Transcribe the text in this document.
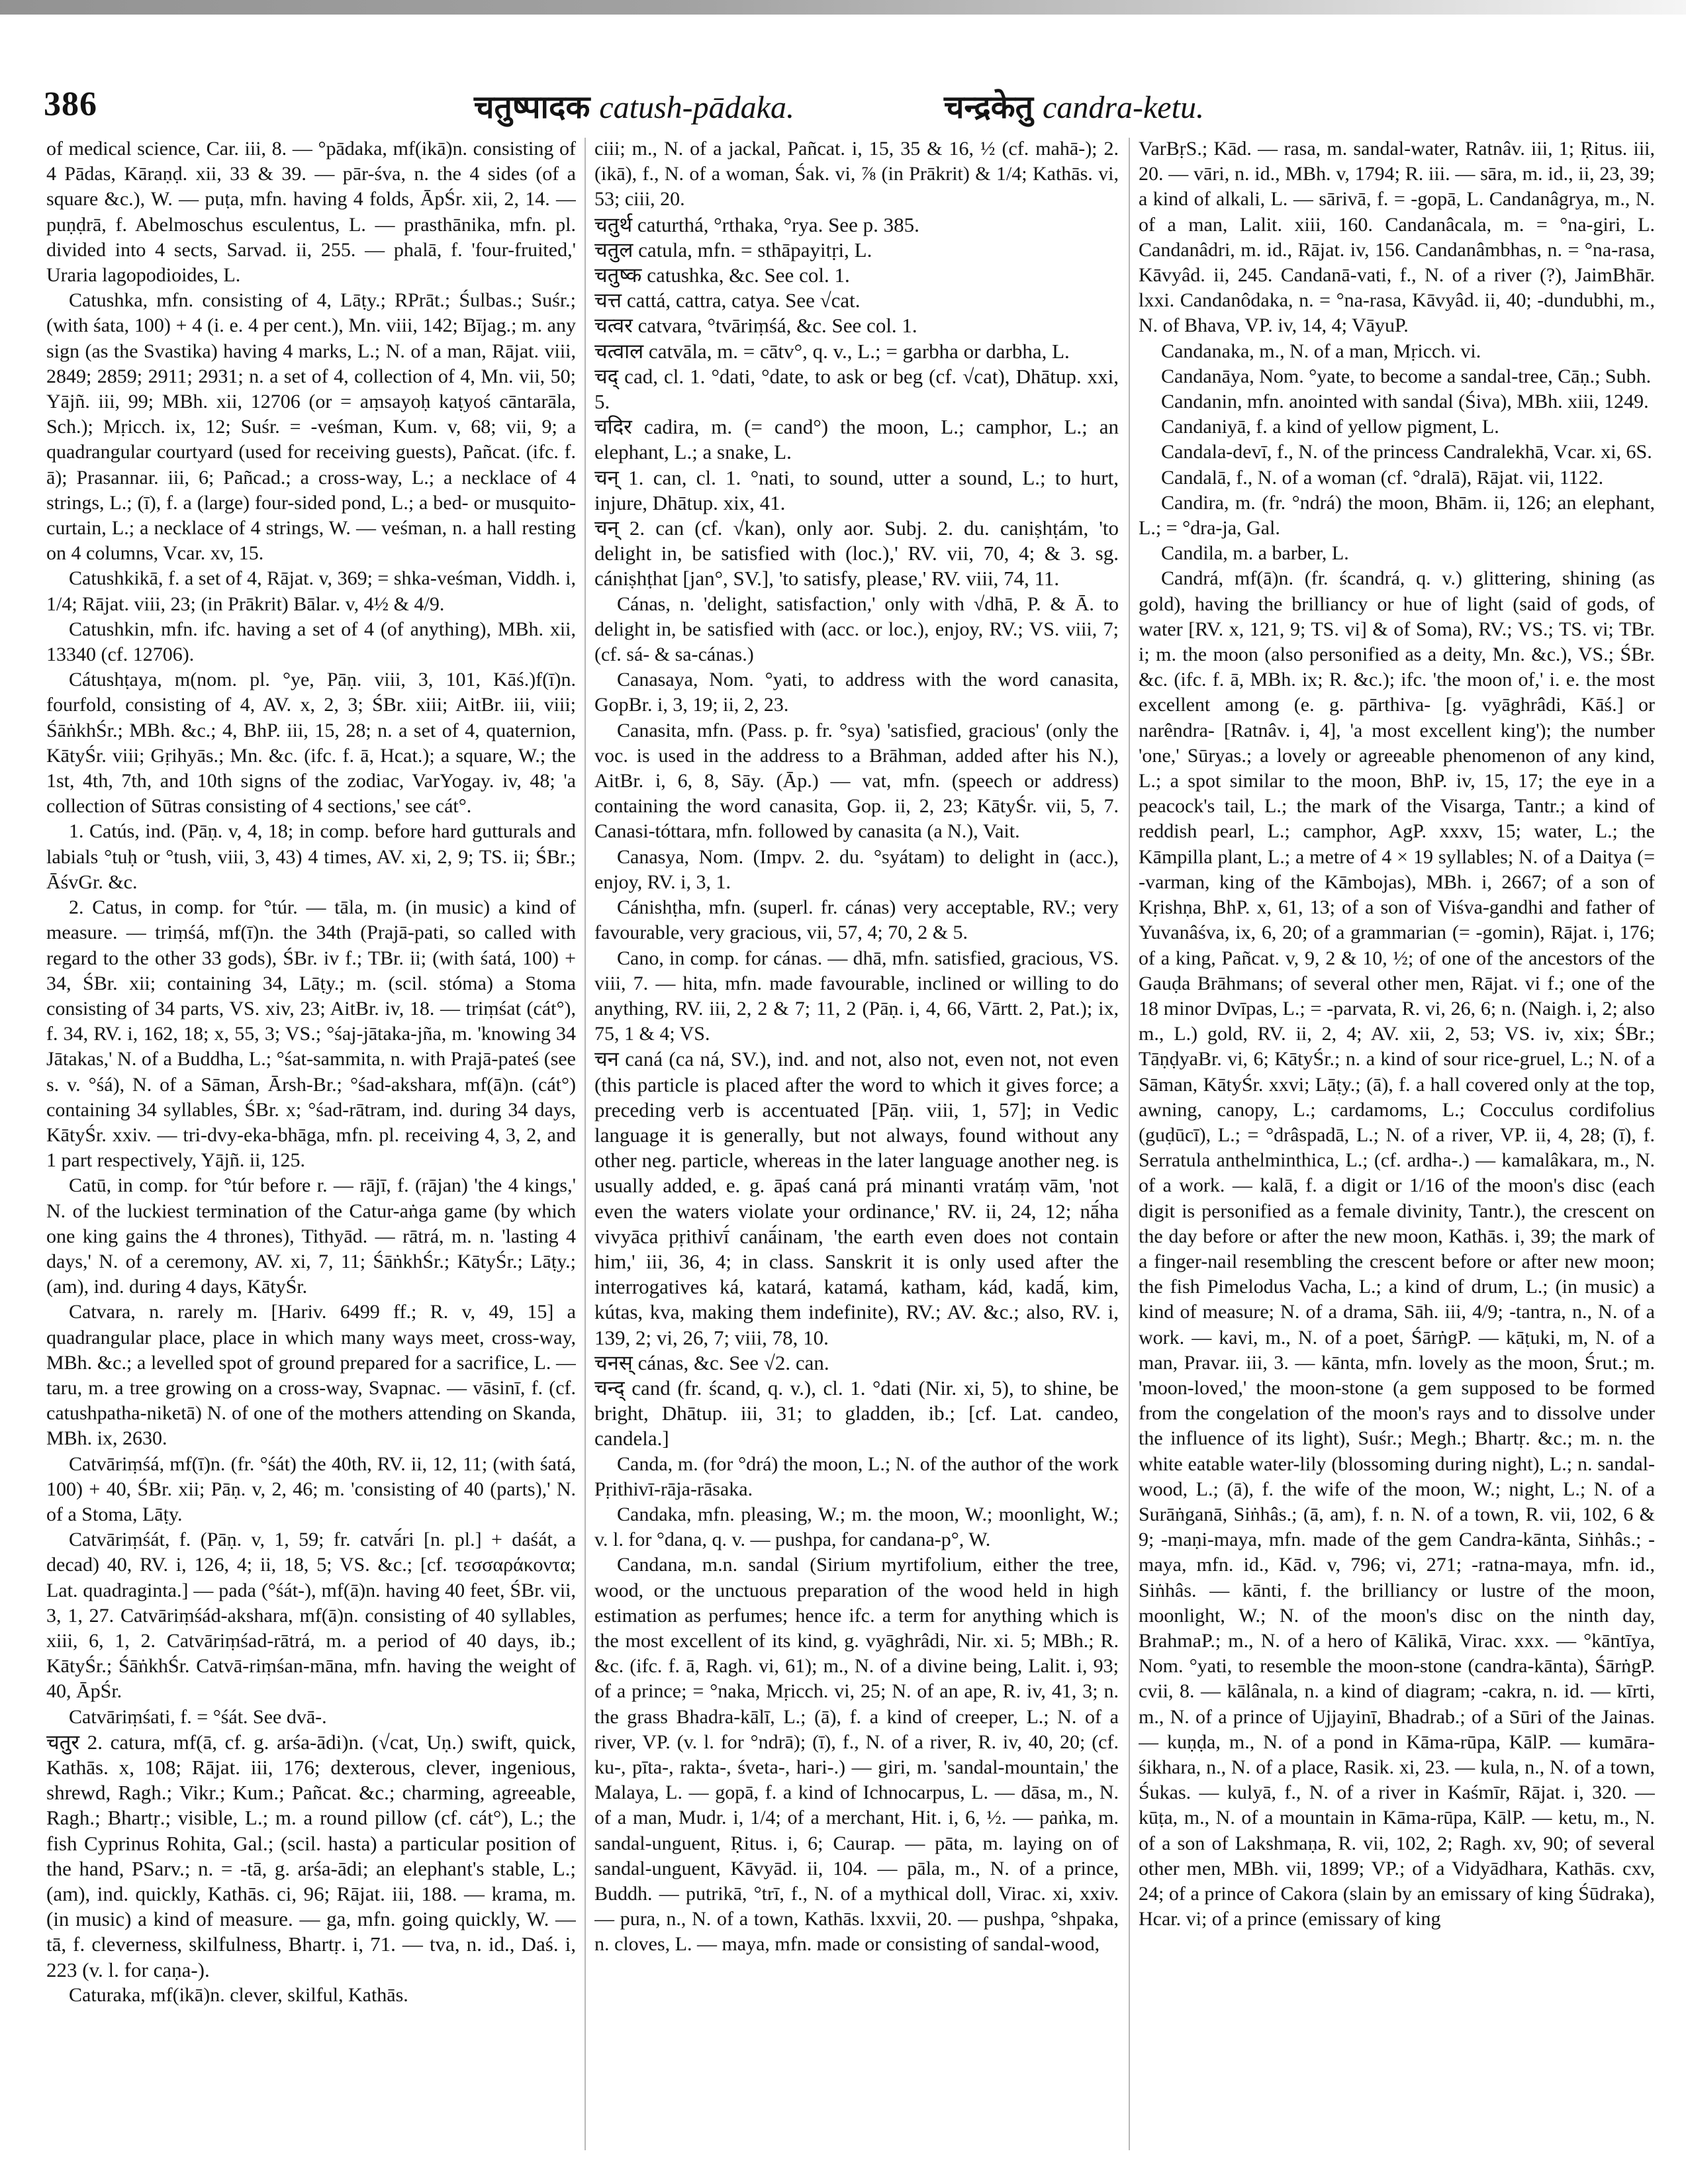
386	चतुष्पादक catush-pādaka.	चन्द्रकेतु candra-ketu.

of medical science, Car. iii, 8. — °pādaka, mf(ikā)n. consisting of 4 Pādas, Kāraṇḍ. xii, 33 & 39. — pār-śva, n. the 4 sides (of a square &c.), W. — puṭa, mfn. having 4 folds, ĀpŚr. xii, 2, 14. — puṇḍrā, f. Abelmoschus esculentus, L. — prasthānika, mfn. pl. divided into 4 sects, Sarvad. ii, 255. — phalā, f. 'four-fruited,' Uraria lagopodioides, L.

Catushka, mfn. consisting of 4, Lāṭy.; RPrāt.; Śulbas.; Suśr.; (with śata, 100) + 4 (i. e. 4 per cent.), Mn. viii, 142; Bījag.; m. any sign (as the Svastika) having 4 marks, L.; N. of a man, Rājat. viii, 2849; 2859; 2911; 2931; n. a set of 4, collection of 4, Mn. vii, 50; Yājñ. iii, 99; MBh. xii, 12706 (or = aṃsayoḥ kaṭyoś cāntarāla, Sch.); Mṛicch. ix, 12; Suśr. = -veśman, Kum. v, 68; vii, 9; a quadrangular courtyard (used for receiving guests), Pañcat. (ifc. f. ā); Prasannar. iii, 6; Pañcad.; a cross-way, L.; a necklace of 4 strings, L.; (ī), f. a (large) four-sided pond, L.; a bed- or musquito-curtain, L.; a necklace of 4 strings, W. — veśman, n. a hall resting on 4 columns, Vcar. xv, 15.

Catushkikā, f. a set of 4, Rājat. v, 369; = shka-veśman, Viddh. i, 1/4; Rājat. viii, 23; (in Prākrit) Bālar. v, 4½ & 4/9.

Catushkin, mfn. ifc. having a set of 4 (of anything), MBh. xii, 13340 (cf. 12706).

Cátushṭaya, m(nom. pl. °ye, Pāṇ. viii, 3, 101, Kāś.)f(ī)n. fourfold, consisting of 4, AV. x, 2, 3; ŚBr. xiii; AitBr. iii, viii; ŚāṅkhŚr.; MBh. &c.; 4, BhP. iii, 15, 28; n. a set of 4, quaternion, KātyŚr. viii; Gṛihyās.; Mn. &c. (ifc. f. ā, Hcat.); a square, W.; the 1st, 4th, 7th, and 10th signs of the zodiac, VarYogay. iv, 48; 'a collection of Sūtras consisting of 4 sections,' see cát°.

1. Catús, ind. (Pāṇ. v, 4, 18; in comp. before hard gutturals and labials °tuḥ or °tush, viii, 3, 43) 4 times, AV. xi, 2, 9; TS. ii; ŚBr.; ĀśvGr. &c.

2. Catus, in comp. for °túr. — tāla, m. (in music) a kind of measure. — triṃśá, mf(ī)n. the 34th (Prajā-pati, so called with regard to the other 33 gods), ŚBr. iv f.; TBr. ii; (with śatá, 100) + 34, ŚBr. xii; containing 34, Lāṭy.; m. (scil. stóma) a Stoma consisting of 34 parts, VS. xiv, 23; AitBr. iv, 18. — triṃśat (cát°), f. 34, RV. i, 162, 18; x, 55, 3; VS.; °śaj-jātaka-jña, m. 'knowing 34 Jātakas,' N. of a Buddha, L.; °śat-sammita, n. with Prajā-pateś (see s. v. °śá), N. of a Sāman, Ārsh-Br.; °śad-akshara, mf(ā)n. (cát°) containing 34 syllables, ŚBr. x; °śad-rātram, ind. during 34 days, KātyŚr. xxiv. — tri-dvy-eka-bhāga, mfn. pl. receiving 4, 3, 2, and 1 part respectively, Yājñ. ii, 125.

Catū, in comp. for °túr before r. — rājī, f. (rājan) 'the 4 kings,' N. of the luckiest termination of the Catur-aṅga game (by which one king gains the 4 thrones), Tithyād. — rātrá, m. n. 'lasting 4 days,' N. of a ceremony, AV. xi, 7, 11; ŚāṅkhŚr.; KātyŚr.; Lāṭy.; (am), ind. during 4 days, KātyŚr.

Catvara, n. rarely m. [Hariv. 6499 ff.; R. v, 49, 15] a quadrangular place, place in which many ways meet, cross-way, MBh. &c.; a levelled spot of ground prepared for a sacrifice, L. — taru, m. a tree growing on a cross-way, Svapnac. — vāsinī, f. (cf. catushpatha-niketā) N. of one of the mothers attending on Skanda, MBh. ix, 2630.

Catvāriṃśá, mf(ī)n. (fr. °śát) the 40th, RV. ii, 12, 11; (with śatá, 100) + 40, ŚBr. xii; Pāṇ. v, 2, 46; m. 'consisting of 40 (parts),' N. of a Stoma, Lāṭy.

Catvāriṃśát, f. (Pāṇ. v, 1, 59; fr. catvā́ri [n. pl.] + daśát, a decad) 40, RV. i, 126, 4; ii, 18, 5; VS. &c.; [cf. τεσσαράκοντα; Lat. quadraginta.] — pada (°śát-), mf(ā)n. having 40 feet, ŚBr. vii, 3, 1, 27. Catvāriṃśád-akshara, mf(ā)n. consisting of 40 syllables, xiii, 6, 1, 2. Catvāriṃśad-rātrá, m. a period of 40 days, ib.; KātyŚr.; ŚāṅkhŚr. Catvā-riṃśan-māna, mfn. having the weight of 40, ĀpŚr.

Catvāriṃśati, f. = °śát. See dvā-.

चतुर 2. catura, mf(ā, cf. g. arśa-ādi)n. (√cat, Uṇ.) swift, quick, Kathās. x, 108; Rājat. iii, 176; dexterous, clever, ingenious, shrewd, Ragh.; Vikr.; Kum.; Pañcat. &c.; charming, agreeable, Ragh.; Bhartṛ.; visible, L.; m. a round pillow (cf. cát°), L.; the fish Cyprinus Rohita, Gal.; (scil. hasta) a particular position of the hand, PSarv.; n. = -tā, g. arśa-ādi; an elephant's stable, L.; (am), ind. quickly, Kathās. ci, 96; Rājat. iii, 188. — krama, m. (in music) a kind of measure. — ga, mfn. going quickly, W. — tā, f. cleverness, skilfulness, Bhartṛ. i, 71. — tva, n. id., Daś. i, 223 (v. l. for caṇa-).

Caturaka, mf(ikā)n. clever, skilful, Kathās.

ciii; m., N. of a jackal, Pañcat. i, 15, 35 & 16, ½ (cf. mahā-); 2. (ikā), f., N. of a woman, Śak. vi, ⅞ (in Prākrit) & 1/4; Kathās. vi, 53; ciii, 20.

चतुर्थ caturthá, °rthaka, °rya. See p. 385.

चतुल catula, mfn. = sthāpayitṛi, L.

चतुष्क catushka, &c. See col. 1.

चत्त cattá, cattra, catya. See √cat.

चत्वर catvara, °tvāriṃśá, &c. See col. 1.

चत्वाल catvāla, m. = cātv°, q. v., L.; = garbha or darbha, L.

चद् cad, cl. 1. °dati, °date, to ask or beg (cf. √cat), Dhātup. xxi, 5.

चदिर cadira, m. (= cand°) the moon, L.; camphor, L.; an elephant, L.; a snake, L.

चन् 1. can, cl. 1. °nati, to sound, utter a sound, L.; to hurt, injure, Dhātup. xix, 41.

चन् 2. can (cf. √kan), only aor. Subj. 2. du. caniṣhṭám, 'to delight in, be satisfied with (loc.),' RV. vii, 70, 4; & 3. sg. cániṣhṭhat [jan°, SV.], 'to satisfy, please,' RV. viii, 74, 11.

Cánas, n. 'delight, satisfaction,' only with √dhā, P. & Ā. to delight in, be satisfied with (acc. or loc.), enjoy, RV.; VS. viii, 7; (cf. sá- & sa-cánas.)

Canasaya, Nom. °yati, to address with the word canasita, GopBr. i, 3, 19; ii, 2, 23.

Canasita, mfn. (Pass. p. fr. °sya) 'satisfied, gracious' (only the voc. is used in the address to a Brāhman, added after his N.), AitBr. i, 6, 8, Sāy. (Āp.) — vat, mfn. (speech or address) containing the word canasita, Gop. ii, 2, 23; KātyŚr. vii, 5, 7. Canasi-tóttara, mfn. followed by canasita (a N.), Vait.

Canasya, Nom. (Impv. 2. du. °syátam) to delight in (acc.), enjoy, RV. i, 3, 1.

Cánishṭha, mfn. (superl. fr. cánas) very acceptable, RV.; very favourable, very gracious, vii, 57, 4; 70, 2 & 5.

Cano, in comp. for cánas. — dhā, mfn. satisfied, gracious, VS. viii, 7. — hita, mfn. made favourable, inclined or willing to do anything, RV. iii, 2, 2 & 7; 11, 2 (Pāṇ. i, 4, 66, Vārtt. 2, Pat.); ix, 75, 1 & 4; VS.

चन caná (ca ná, SV.), ind. and not, also not, even not, not even (this particle is placed after the word to which it gives force; a preceding verb is accentuated [Pāṇ. viii, 1, 57]; in Vedic language it is generally, but not always, found without any other neg. particle, whereas in the later language another neg. is usually added, e. g. āpaś caná prá minanti vratáṃ vām, 'not even the waters violate your ordinance,' RV. ii, 24, 12; nā́ha vivyāca pṛithivī́ canā́inam, 'the earth even does not contain him,' iii, 36, 4; in class. Sanskrit it is only used after the interrogatives ká, katará, katamá, katham, kád, kadā́, kim, kútas, kva, making them indefinite), RV.; AV. &c.; also, RV. i, 139, 2; vi, 26, 7; viii, 78, 10.

चनस् cánas, &c. See √2. can.

चन्द् cand (fr. ścand, q. v.), cl. 1. °dati (Nir. xi, 5), to shine, be bright, Dhātup. iii, 31; to gladden, ib.; [cf. Lat. candeo, candela.]

Canda, m. (for °drá) the moon, L.; N. of the author of the work Pṛithivī-rāja-rāsaka.

Candaka, mfn. pleasing, W.; m. the moon, W.; moonlight, W.; v. l. for °dana, q. v. — pushpa, for candana-p°, W.

Candana, m.n. sandal (Sirium myrtifolium, either the tree, wood, or the unctuous preparation of the wood held in high estimation as perfumes; hence ifc. a term for anything which is the most excellent of its kind, g. vyāghrâdi, Nir. xi. 5; MBh.; R. &c. (ifc. f. ā, Ragh. vi, 61); m., N. of a divine being, Lalit. i, 93; of a prince; = °naka, Mṛicch. vi, 25; N. of an ape, R. iv, 41, 3; n. the grass Bhadra-kālī, L.; (ā), f. a kind of creeper, L.; N. of a river, VP. (v. l. for °ndrā); (ī), f., N. of a river, R. iv, 40, 20; (cf. ku-, pīta-, rakta-, śveta-, hari-.) — giri, m. 'sandal-mountain,' the Malaya, L. — gopā, f. a kind of Ichnocarpus, L. — dāsa, m., N. of a man, Mudr. i, 1/4; of a merchant, Hit. i, 6, ½. — paṅka, m. sandal-unguent, Ṛitus. i, 6; Caurap. — pāta, m. laying on of sandal-unguent, Kāvyād. ii, 104. — pāla, m., N. of a prince, Buddh. — putrikā, °trī, f., N. of a mythical doll, Virac. xi, xxiv. — pura, n., N. of a town, Kathās. lxxvii, 20. — pushpa, °shpaka, n. cloves, L. — maya, mfn. made or consisting of sandal-wood,

VarBṛS.; Kād. — rasa, m. sandal-water, Ratnâv. iii, 1; Ṛitus. iii, 20. — vāri, n. id., MBh. v, 1794; R. iii. — sāra, m. id., ii, 23, 39; a kind of alkali, L. — sārivā, f. = -gopā, L. Candanâgrya, m., N. of a man, Lalit. xiii, 160. Candanâcala, m. = °na-giri, L. Candanâdri, m. id., Rājat. iv, 156. Candanâmbhas, n. = °na-rasa, Kāvyâd. ii, 245. Candanā-vati, f., N. of a river (?), JaimBhār. lxxi. Candanôdaka, n. = °na-rasa, Kāvyâd. ii, 40; -dundubhi, m., N. of Bhava, VP. iv, 14, 4; VāyuP.

Candanaka, m., N. of a man, Mṛicch. vi.

Candanāya, Nom. °yate, to become a sandal-tree, Cāṇ.; Subh.

Candanin, mfn. anointed with sandal (Śiva), MBh. xiii, 1249.

Candaniyā, f. a kind of yellow pigment, L.

Candala-devī, f., N. of the princess Candralekhā, Vcar. xi, 6S.

Candalā, f., N. of a woman (cf. °dralā), Rājat. vii, 1122.

Candira, m. (fr. °ndrá) the moon, Bhām. ii, 126; an elephant, L.; = °dra-ja, Gal.

Candila, m. a barber, L.

Candrá, mf(ā)n. (fr. ścandrá, q. v.) glittering, shining (as gold), having the brilliancy or hue of light (said of gods, of water [RV. x, 121, 9; TS. vi] & of Soma), RV.; VS.; TS. vi; TBr. i; m. the moon (also personified as a deity, Mn. &c.), VS.; ŚBr. &c. (ifc. f. ā, MBh. ix; R. &c.); ifc. 'the moon of,' i. e. the most excellent among (e. g. pārthiva- [g. vyāghrâdi, Kāś.] or narêndra- [Ratnâv. i, 4], 'a most excellent king'); the number 'one,' Sūryas.; a lovely or agreeable phenomenon of any kind, L.; a spot similar to the moon, BhP. iv, 15, 17; the eye in a peacock's tail, L.; the mark of the Visarga, Tantr.; a kind of reddish pearl, L.; camphor, AgP. xxxv, 15; water, L.; the Kāmpilla plant, L.; a metre of 4 × 19 syllables; N. of a Daitya (= -varman, king of the Kāmbojas), MBh. i, 2667; of a son of Kṛishṇa, BhP. x, 61, 13; of a son of Viśva-gandhi and father of Yuvanâśva, ix, 6, 20; of a grammarian (= -gomin), Rājat. i, 176; of a king, Pañcat. v, 9, 2 & 10, ½; of one of the ancestors of the Gauḍa Brāhmans; of several other men, Rājat. vi f.; one of the 18 minor Dvīpas, L.; = -parvata, R. vi, 26, 6; n. (Naigh. i, 2; also m., L.) gold, RV. ii, 2, 4; AV. xii, 2, 53; VS. iv, xix; ŚBr.; TāṇḍyaBr. vi, 6; KātyŚr.; n. a kind of sour rice-gruel, L.; N. of a Sāman, KātyŚr. xxvi; Lāṭy.; (ā), f. a hall covered only at the top, awning, canopy, L.; cardamoms, L.; Cocculus cordifolius (guḍūcī), L.; = °drâspadā, L.; N. of a river, VP. ii, 4, 28; (ī), f. Serratula anthelminthica, L.; (cf. ardha-.) — kamalâkara, m., N. of a work. — kalā, f. a digit or 1/16 of the moon's disc (each digit is personified as a female divinity, Tantr.), the crescent on the day before or after the new moon, Kathās. i, 39; the mark of a finger-nail resembling the crescent before or after new moon; the fish Pimelodus Vacha, L.; a kind of drum, L.; (in music) a kind of measure; N. of a drama, Sāh. iii, 4/9; -tantra, n., N. of a work. — kavi, m., N. of a poet, ŚārṅgP. — kāṭuki, m, N. of a man, Pravar. iii, 3. — kānta, mfn. lovely as the moon, Śrut.; m. 'moon-loved,' the moon-stone (a gem supposed to be formed from the congelation of the moon's rays and to dissolve under the influence of its light), Suśr.; Megh.; Bhartṛ. &c.; m. n. the white eatable water-lily (blossoming during night), L.; n. sandal-wood, L.; (ā), f. the wife of the moon, W.; night, L.; N. of a Surāṅganā, Siṅhâs.; (ā, am), f. n. N. of a town, R. vii, 102, 6 & 9; -maṇi-maya, mfn. made of the gem Candra-kānta, Siṅhâs.; -maya, mfn. id., Kād. v, 796; vi, 271; -ratna-maya, mfn. id., Siṅhâs. — kānti, f. the brilliancy or lustre of the moon, moonlight, W.; N. of the moon's disc on the ninth day, BrahmaP.; m., N. of a hero of Kālikā, Virac. xxx. — °kāntīya, Nom. °yati, to resemble the moon-stone (candra-kānta), ŚārṅgP. cvii, 8. — kālânala, n. a kind of diagram; -cakra, n. id. — kīrti, m., N. of a prince of Ujjayinī, Bhadrab.; of a Sūri of the Jainas. — kuṇḍa, m., N. of a pond in Kāma-rūpa, KālP. — kumāra-śikhara, n., N. of a place, Rasik. xi, 23. — kula, n., N. of a town, Śukas. — kulyā, f., N. of a river in Kaśmīr, Rājat. i, 320. — kūṭa, m., N. of a mountain in Kāma-rūpa, KālP. — ketu, m., N. of a son of Lakshmaṇa, R. vii, 102, 2; Ragh. xv, 90; of several other men, MBh. vii, 1899; VP.; of a Vidyādhara, Kathās. cxv, 24; of a prince of Cakora (slain by an emissary of king Śūdraka), Hcar. vi; of a prince (emissary of king
